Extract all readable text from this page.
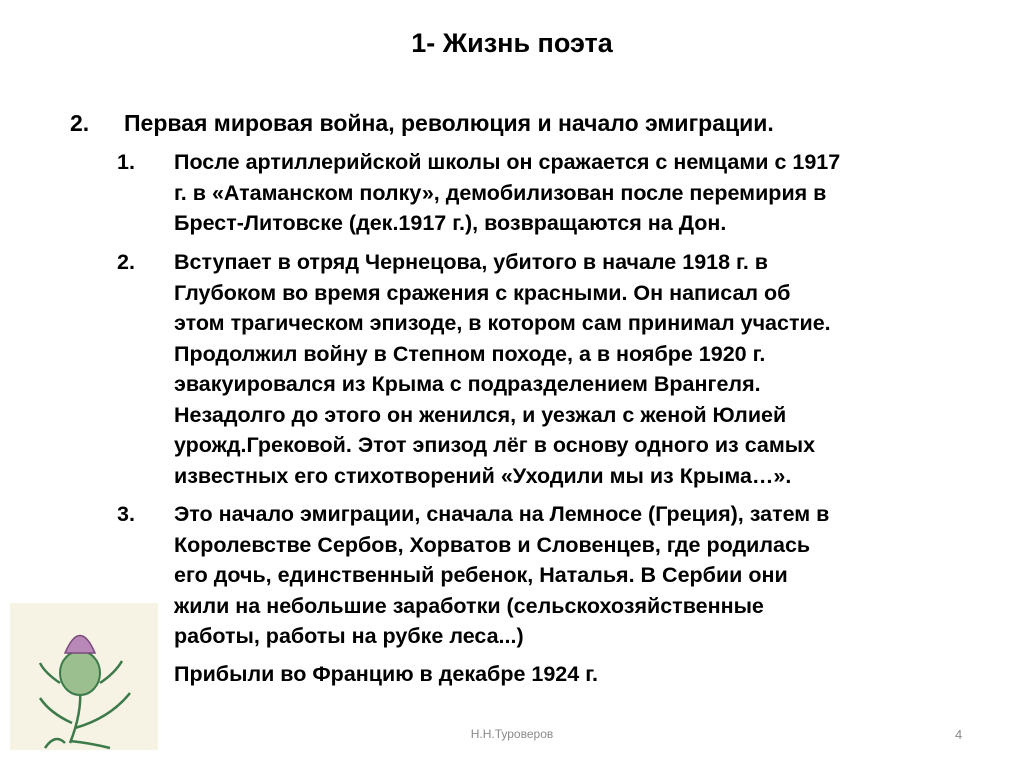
1- Жизнь поэта
2. Первая мировая война, революция и начало эмиграции.
1. После артиллерийской школы он сражается с немцами с 1917
г. в «Атаманском полку», демобилизован после перемирия в
Брест-Литовске (дек.1917 г.), возвращаются на Дон.
2. Вступает в отряд Чернецова, убитого в начале 1918 г. в
Глубоком во время сражения с красными. Он написал об
этом трагическом эпизоде, в котором сам принимал участие.
Продолжил войну в Степном походе, а в ноябре 1920 г.
эвакуировался из Крыма с подразделением Врангеля.
Незадолго до этого он женился, и уезжал с женой Юлией
урожд.Грековой. Этот эпизод лёг в основу одного из самых
известных его стихотворений «Уходили мы из Крыма…».
3. Это начало эмиграции, сначала на Лемносе (Греция), затем в
Королевстве Сербов, Хорватов и Словенцев, где родилась
его дочь, единственный ребенок, Наталья. В Сербии они
жили на небольшие заработки (сельскохозяйственные
работы, работы на рубке леса...)
Прибыли во Францию в декабре 1924 г.
Н.Н.Туроверов	4
